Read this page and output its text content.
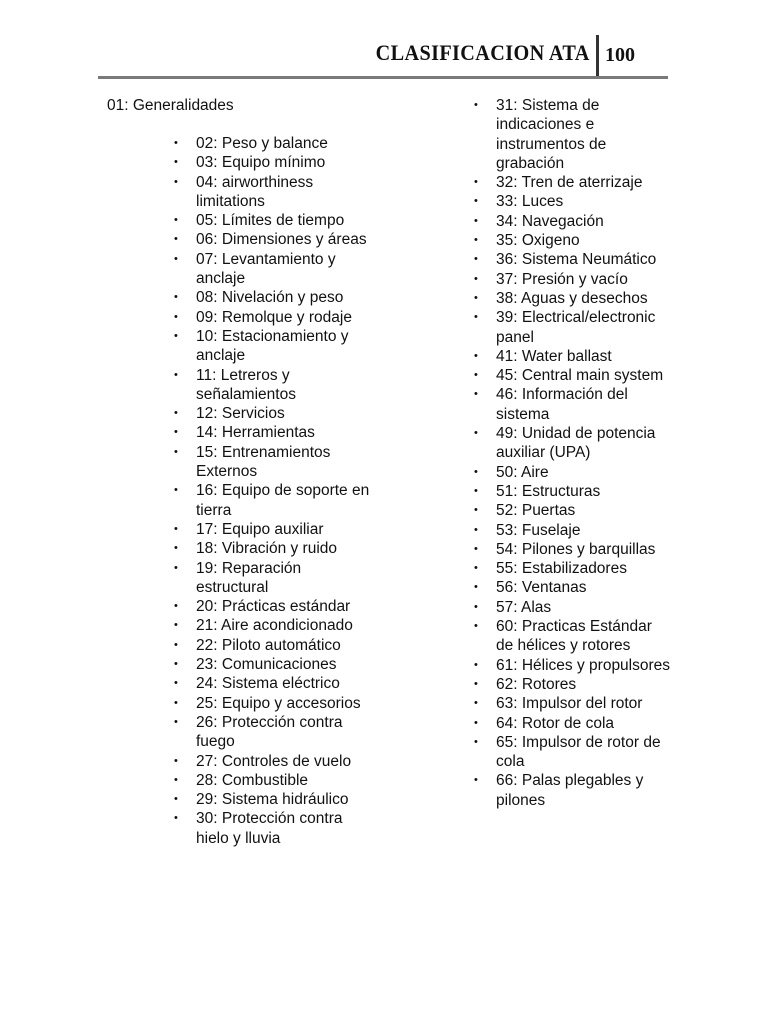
CLASIFICACION ATA 100
01: Generalidades
• 02: Peso y balance
• 03: Equipo mínimo
• 04: airworthiness limitations
• 05: Límites de tiempo
• 06: Dimensiones y áreas
• 07: Levantamiento y anclaje
• 08: Nivelación y peso
• 09: Remolque y rodaje
• 10: Estacionamiento y anclaje
• 11: Letreros y señalamientos
• 12: Servicios
• 14: Herramientas
• 15: Entrenamientos Externos
• 16: Equipo de soporte en tierra
• 17: Equipo auxiliar
• 18: Vibración y ruido
• 19: Reparación estructural
• 20: Prácticas estándar
• 21: Aire acondicionado
• 22: Piloto automático
• 23: Comunicaciones
• 24: Sistema eléctrico
• 25: Equipo y accesorios
• 26: Protección contra fuego
• 27: Controles de vuelo
• 28: Combustible
• 29: Sistema hidráulico
• 30: Protección contra hielo y lluvia
• 31: Sistema de indicaciones e instrumentos de grabación
• 32: Tren de aterrizaje
• 33: Luces
• 34: Navegación
• 35: Oxigeno
• 36: Sistema Neumático
• 37: Presión y vacío
• 38: Aguas y desechos
• 39: Electrical/electronic panel
• 41: Water ballast
• 45: Central main system
• 46: Información del sistema
• 49: Unidad de potencia auxiliar (UPA)
• 50: Aire
• 51: Estructuras
• 52: Puertas
• 53: Fuselaje
• 54: Pilones y barquillas
• 55: Estabilizadores
• 56: Ventanas
• 57: Alas
• 60: Practicas Estándar de hélices y rotores
• 61: Hélices y propulsores
• 62: Rotores
• 63: Impulsor del rotor
• 64: Rotor de cola
• 65: Impulsor de rotor de cola
• 66: Palas plegables y pilones
